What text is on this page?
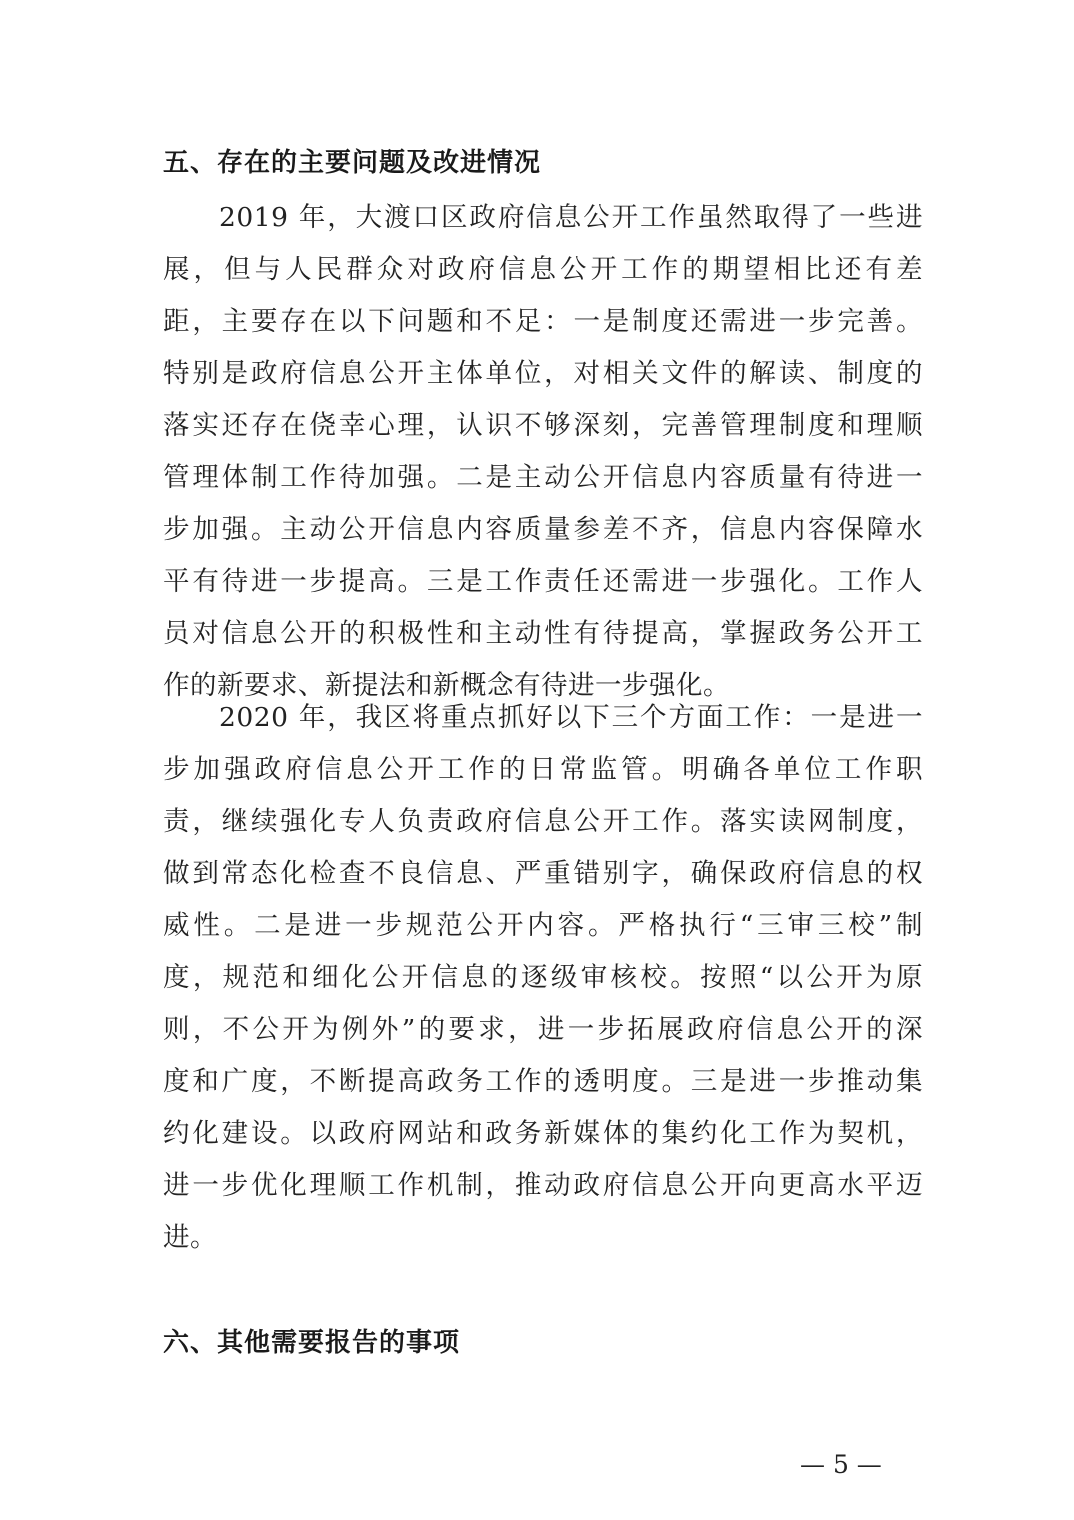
五、存在的主要问题及改进情况
2019 年，大渡口区政府信息公开工作虽然取得了一些进
展，但与人民群众对政府信息公开工作的期望相比还有差
距，主要存在以下问题和不足：一是制度还需进一步完善。
特别是政府信息公开主体单位，对相关文件的解读、制度的
落实还存在侥幸心理，认识不够深刻，完善管理制度和理顺
管理体制工作待加强。二是主动公开信息内容质量有待进一
步加强。主动公开信息内容质量参差不齐，信息内容保障水
平有待进一步提高。三是工作责任还需进一步强化。工作人
员对信息公开的积极性和主动性有待提高，掌握政务公开工
作的新要求、新提法和新概念有待进一步强化。
2020 年，我区将重点抓好以下三个方面工作：一是进一
步加强政府信息公开工作的日常监管。明确各单位工作职
责，继续强化专人负责政府信息公开工作。落实读网制度，
做到常态化检查不良信息、严重错别字，确保政府信息的权
威性。二是进一步规范公开内容。严格执行“三审三校”制
度，规范和细化公开信息的逐级审核校。按照“以公开为原
则，不公开为例外”的要求，进一步拓展政府信息公开的深
度和广度，不断提高政务工作的透明度。三是进一步推动集
约化建设。以政府网站和政务新媒体的集约化工作为契机，
进一步优化理顺工作机制，推动政府信息公开向更高水平迈
进。
六、其他需要报告的事项
— 5 —
